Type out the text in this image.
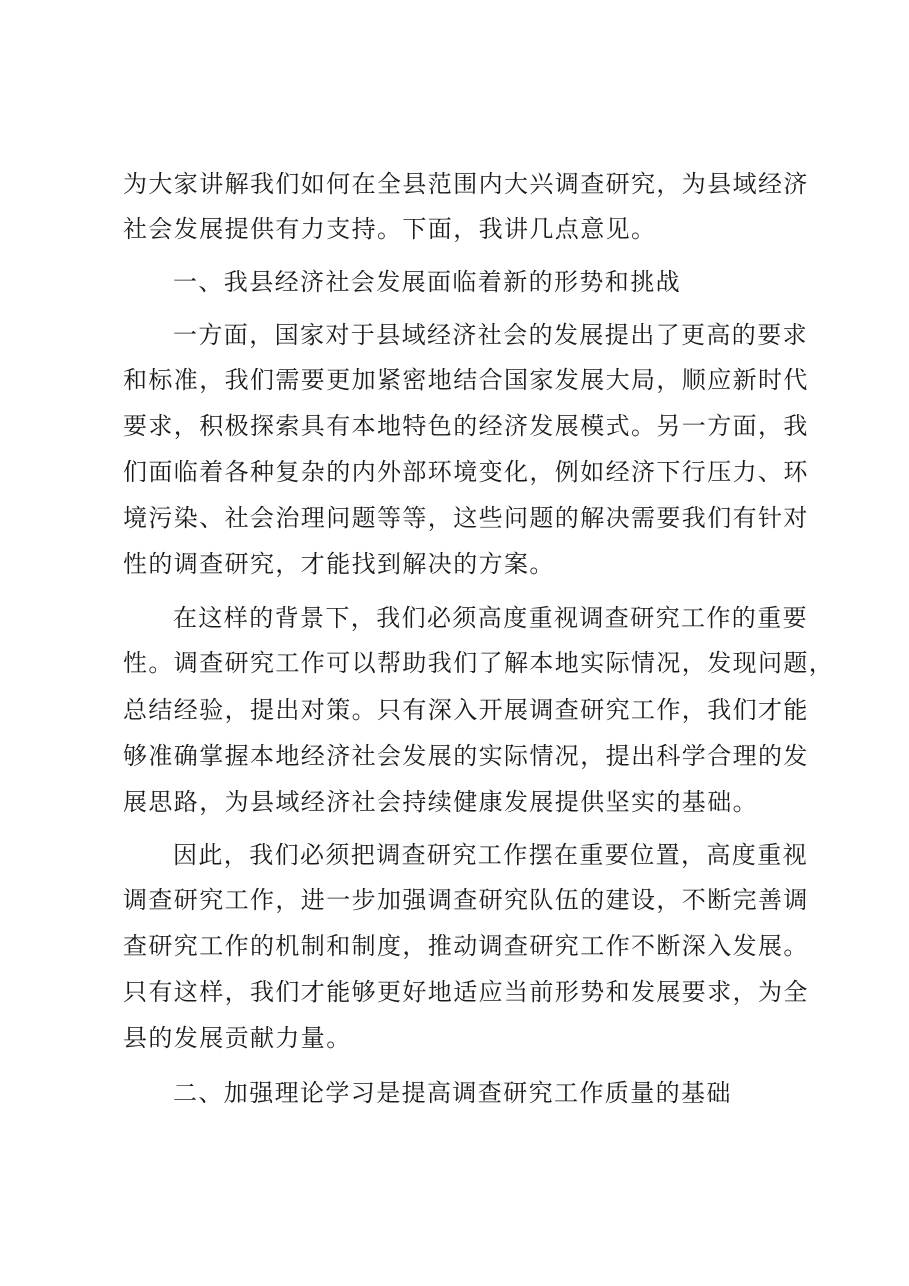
为大家讲解我们如何在全县范围内大兴调查研究，为县域经济

社会发展提供有力支持。下面，我讲几点意见。

一、我县经济社会发展面临着新的形势和挑战

一方面，国家对于县域经济社会的发展提出了更高的要求

和标准，我们需要更加紧密地结合国家发展大局，顺应新时代

要求，积极探索具有本地特色的经济发展模式。另一方面，我

们面临着各种复杂的内外部环境变化，例如经济下行压力、环

境污染、社会治理问题等等，这些问题的解决需要我们有针对

性的调查研究，才能找到解决的方案。

在这样的背景下，我们必须高度重视调查研究工作的重要

性。调查研究工作可以帮助我们了解本地实际情况，发现问题，

总结经验，提出对策。只有深入开展调查研究工作，我们才能

够准确掌握本地经济社会发展的实际情况，提出科学合理的发

展思路，为县域经济社会持续健康发展提供坚实的基础。

因此，我们必须把调查研究工作摆在重要位置，高度重视

调查研究工作，进一步加强调查研究队伍的建设，不断完善调

查研究工作的机制和制度，推动调查研究工作不断深入发展。

只有这样，我们才能够更好地适应当前形势和发展要求，为全

县的发展贡献力量。

二、加强理论学习是提高调查研究工作质量的基础
